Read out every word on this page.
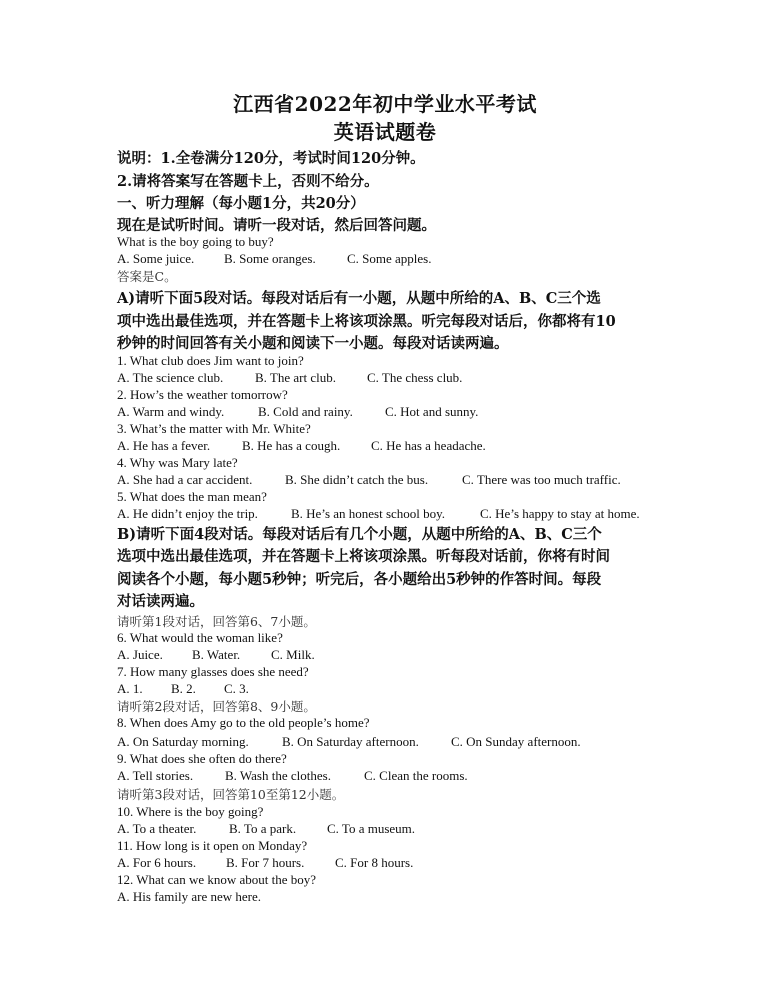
江西省2022年初中学业水平考试
英语试题卷
说明：1.全卷满分120分，考试时间120分钟。
2.请将答案写在答题卡上，否则不给分。
一、听力理解（每小题1分，共20分）
现在是试听时间。请听一段对话，然后回答问题。
What is the boy going to buy?
A. Some juice. B. Some oranges. C. Some apples.
答案是C。
A)请听下面5段对话。每段对话后有一小题，从题中所给的A、B、C三个选
项中选出最佳选项，并在答题卡上将该项涂黑。听完每段对话后，你都将有10
秒钟的时间回答有关小题和阅读下一小题。每段对话读两遍。
1. What club does Jim want to join?
A. The science club. B. The art club. C. The chess club.
2. How’s the weather tomorrow?
A. Warm and windy.	B. Cold and rainy. C. Hot and sunny.
3. What’s the matter with Mr. White?
A. He has a fever. B. He has a cough. C. He has a headache.
4. Why was Mary late?
A. She had a car accident.	B. She didn’t catch the bus.	C. There was too much traffic.
5. What does the man mean?
A. He didn’t enjoy the trip.	B. He’s an honest school boy.	C. He’s happy to stay at home.
B)请听下面4段对话。每段对话后有几个小题，从题中所给的A、B、C三个
选项中选出最佳选项，并在答题卡上将该项涂黑。听每段对话前，你将有时间
阅读各个小题，每小题5秒钟；听完后，各小题给出5秒钟的作答时间。每段
对话读两遍。
请听第1段对话，回答第6、7小题。
6. What would the woman like?
A. Juice. B. Water. C. Milk.
7. How many glasses does she need?
A. 1. B. 2. C. 3.
请听第2段对话，回答第8、9小题。
8. When does Amy go to the old people’s home?
A. On Saturday morning.	B. On Saturday afternoon. C. On Sunday afternoon.
9. What does she often do there?
A. Tell stories. B. Wash the clothes.	C. Clean the rooms.
请听第3段对话，回答第10至第12小题。
10. Where is the boy going?
A. To a theater.	B. To a park. C. To a museum.
11. How long is it open on Monday?
A. For 6 hours. B. For 7 hours. C. For 8 hours.
12. What can we know about the boy?
A. His family are new here.
